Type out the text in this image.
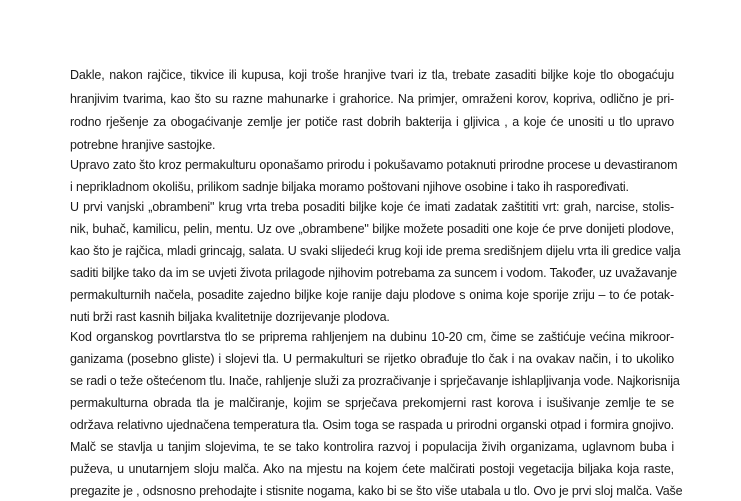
Dakle, nakon rajčice, tikvice ili kupusa, koji troše hranjive tvari iz tla, trebate zasaditi biljke koje tlo obogaćuju
hranjivim tvarima, kao što su razne mahunarke i grahorice. Na primjer, omraženi korov, kopriva, odlično je pri-
rodno rješenje za obogaćivanje zemlje jer potiče rast dobrih bakterija i gljivica , a koje će unositi u tlo upravo
potrebne hranjive sastojke.
Upravo zato što kroz permakulturu oponašamo prirodu i pokušavamo potaknuti prirodne procese u devastiranom
i neprikladnom okolišu, prilikom sadnje biljaka moramo poštovani njihove osobine i tako ih raspoređivati.
U prvi vanjski „obrambeni" krug vrta treba posaditi biljke koje će imati zadatak zaštititi vrt: grah, narcise, stolis-
nik, buhač, kamilicu, pelin, mentu. Uz ove „obrambene" biljke možete posaditi one koje će prve donijeti plodove,
kao što je rajčica, mladi grincajg, salata. U svaki slijedeći krug koji ide prema središnjem dijelu vrta ili gredice valja
saditi biljke tako da im se uvjeti života prilagode njihovim potrebama za suncem i vodom. Također, uz uvažavanje
permakulturnih načela, posadite zajedno biljke koje ranije daju plodove s onima koje sporije zriju – to će potak-
nuti brži rast kasnih biljaka kvalitetnije dozrijevanje plodova.
Kod organskog povrtlarstva tlo se priprema rahljenjem na dubinu 10-20 cm, čime se zaštićuje većina mikroor-
ganizama (posebno gliste) i slojevi tla. U permakulturi se rijetko obrađuje tlo čak i na ovakav način, i to ukoliko
se radi o teže oštećenom tlu. Inače, rahljenje služi za prozračivanje i sprječavanje ishlapljivanja vode. Najkorisnija
permakulturna obrada tla je malčiranje, kojim se sprječava prekomjerni rast korova i isušivanje zemlje te se
održava relativno ujednačena temperatura tla. Osim toga se raspada u prirodni organski otpad i formira gnojivo.
Malč se stavlja u tanjim slojevima, te se tako kontrolira razvoj i populacija živih organizama, uglavnom buba i
puževa, u unutarnjem sloju malča. Ako na mjestu na kojem ćete malčirati postoji vegetacija biljaka koja raste,
pregazite je , odsnosno prehodajte i stisnite nogama, kako bi se što više utabala u tlo. Ovo je prvi sloj malča. Vaše
